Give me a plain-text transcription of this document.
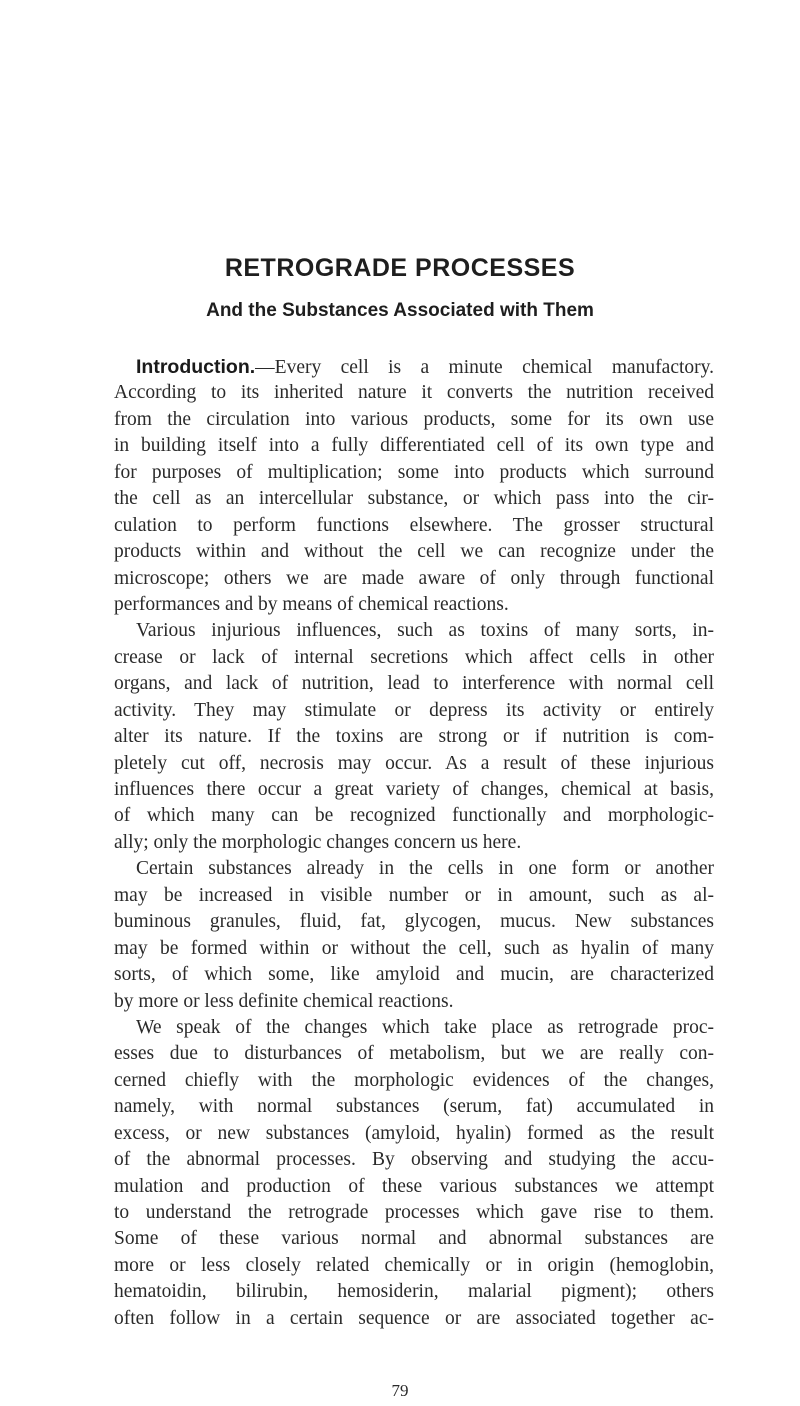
RETROGRADE PROCESSES
And the Substances Associated with Them
Introduction.—Every cell is a minute chemical manufactory.
According to its inherited nature it converts the nutrition received
from the circulation into various products, some for its own use
in building itself into a fully differentiated cell of its own type and
for purposes of multiplication; some into products which surround
the cell as an intercellular substance, or which pass into the cir-
culation to perform functions elsewhere. The grosser structural
products within and without the cell we can recognize under the
microscope; others we are made aware of only through functional
performances and by means of chemical reactions.
Various injurious influences, such as toxins of many sorts, in-
crease or lack of internal secretions which affect cells in other
organs, and lack of nutrition, lead to interference with normal cell
activity. They may stimulate or depress its activity or entirely
alter its nature. If the toxins are strong or if nutrition is com-
pletely cut off, necrosis may occur. As a result of these injurious
influences there occur a great variety of changes, chemical at basis,
of which many can be recognized functionally and morphologic-
ally; only the morphologic changes concern us here.
Certain substances already in the cells in one form or another
may be increased in visible number or in amount, such as al-
buminous granules, fluid, fat, glycogen, mucus. New substances
may be formed within or without the cell, such as hyalin of many
sorts, of which some, like amyloid and mucin, are characterized
by more or less definite chemical reactions.
We speak of the changes which take place as retrograde proc-
esses due to disturbances of metabolism, but we are really con-
cerned chiefly with the morphologic evidences of the changes,
namely, with normal substances (serum, fat) accumulated in
excess, or new substances (amyloid, hyalin) formed as the result
of the abnormal processes. By observing and studying the accu-
mulation and production of these various substances we attempt
to understand the retrograde processes which gave rise to them.
Some of these various normal and abnormal substances are
more or less closely related chemically or in origin (hemoglobin,
hematoidin, bilirubin, hemosiderin, malarial pigment); others
often follow in a certain sequence or are associated together ac-

79
